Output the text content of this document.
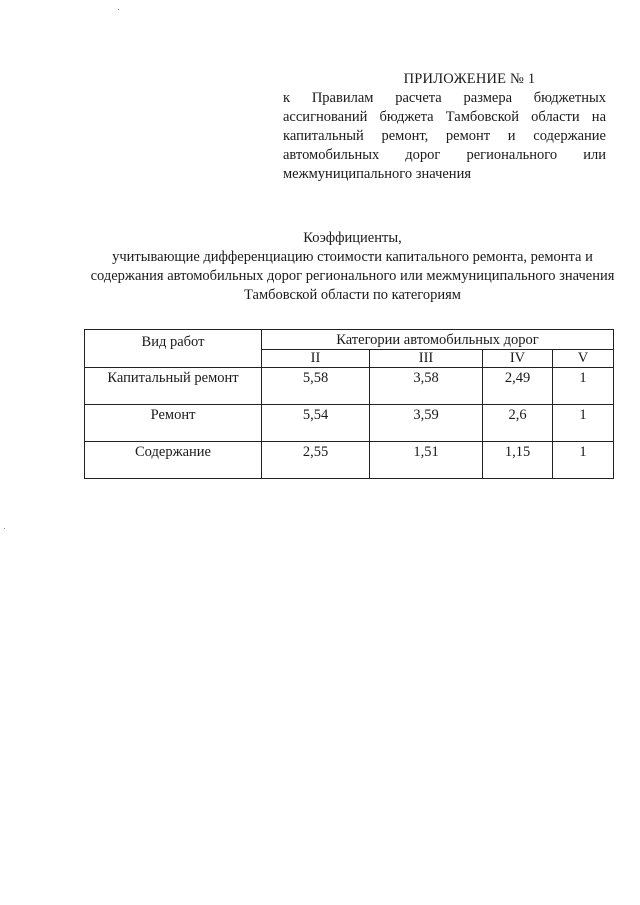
ПРИЛОЖЕНИЕ № 1

к Правилам расчета размера бюджетных ассигнований бюджета Тамбовской области на капитальный ремонт, ремонт и содержание автомобильных дорог регионального или межмуниципального значения

Коэффициенты,
учитывающие дифференциацию стоимости капитального ремонта, ремонта и содержания автомобильных дорог регионального или межмуниципального значения Тамбовской области по категориям
Вид работ	Категории автомобильных дорог			
	II	III	IV	V
Капитальный ремонт	5,58	3,58	2,49	1
Ремонт	5,54	3,59	2,6	1
Содержание	2,55	1,51	1,15	1
